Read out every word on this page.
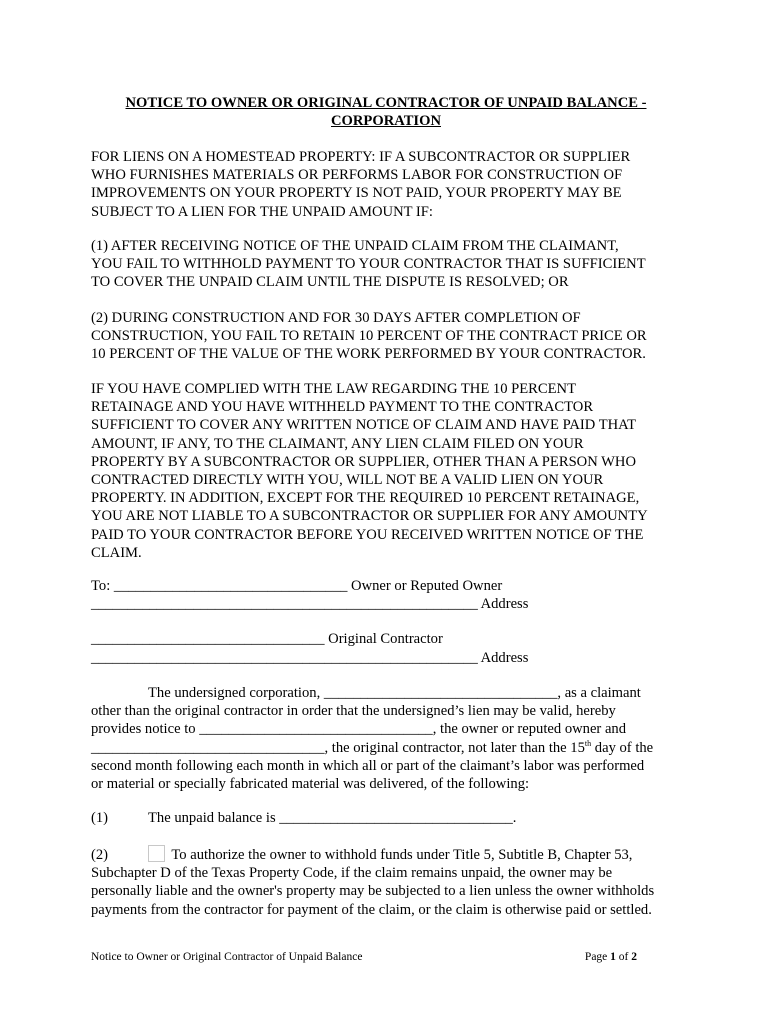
NOTICE TO OWNER OR ORIGINAL CONTRACTOR OF UNPAID BALANCE -
CORPORATION
FOR LIENS ON A HOMESTEAD PROPERTY: IF A SUBCONTRACTOR OR SUPPLIER
WHO FURNISHES MATERIALS OR PERFORMS LABOR FOR CONSTRUCTION OF
IMPROVEMENTS ON YOUR PROPERTY IS NOT PAID, YOUR PROPERTY MAY BE
SUBJECT TO A LIEN FOR THE UNPAID AMOUNT IF:
(1) AFTER RECEIVING NOTICE OF THE UNPAID CLAIM FROM THE CLAIMANT,
YOU FAIL TO WITHHOLD PAYMENT TO YOUR CONTRACTOR THAT IS SUFFICIENT
TO COVER THE UNPAID CLAIM UNTIL THE DISPUTE IS RESOLVED; OR
(2) DURING CONSTRUCTION AND FOR 30 DAYS AFTER COMPLETION OF
CONSTRUCTION, YOU FAIL TO RETAIN 10 PERCENT OF THE CONTRACT PRICE OR
10 PERCENT OF THE VALUE OF THE WORK PERFORMED BY YOUR CONTRACTOR.
IF YOU HAVE COMPLIED WITH THE LAW REGARDING THE 10 PERCENT
RETAINAGE AND YOU HAVE WITHHELD PAYMENT TO THE CONTRACTOR
SUFFICIENT TO COVER ANY WRITTEN NOTICE OF CLAIM AND HAVE PAID THAT
AMOUNT, IF ANY, TO THE CLAIMANT, ANY LIEN CLAIM FILED ON YOUR
PROPERTY BY A SUBCONTRACTOR OR SUPPLIER, OTHER THAN A PERSON WHO
CONTRACTED DIRECTLY WITH YOU, WILL NOT BE A VALID LIEN ON YOUR
PROPERTY. IN ADDITION, EXCEPT FOR THE REQUIRED 10 PERCENT RETAINAGE,
YOU ARE NOT LIABLE TO A SUBCONTRACTOR OR SUPPLIER FOR ANY AMOUNTY
PAID TO YOUR CONTRACTOR BEFORE YOU RECEIVED WRITTEN NOTICE OF THE
CLAIM.
To: ________________________________ Owner or Reputed Owner
_____________________________________________________ Address
________________________________ Original Contractor
_____________________________________________________ Address
The undersigned corporation, ________________________________, as a claimant
other than the original contractor in order that the undersigned’s lien may be valid, hereby
provides notice to ________________________________, the owner or reputed owner and
________________________________, the original contractor, not later than the 15th day of the
second month following each month in which all or part of the claimant’s labor was performed
or material or specially fabricated material was delivered, of the following:
(1)	The unpaid balance is ________________________________.
(2)	To authorize the owner to withhold funds under Title 5, Subtitle B, Chapter 53,
Subchapter D of the Texas Property Code, if the claim remains unpaid, the owner may be
personally liable and the owner's property may be subjected to a lien unless the owner withholds
payments from the contractor for payment of the claim, or the claim is otherwise paid or settled.
Notice to Owner or Original Contractor of Unpaid Balance	Page 1 of 2
